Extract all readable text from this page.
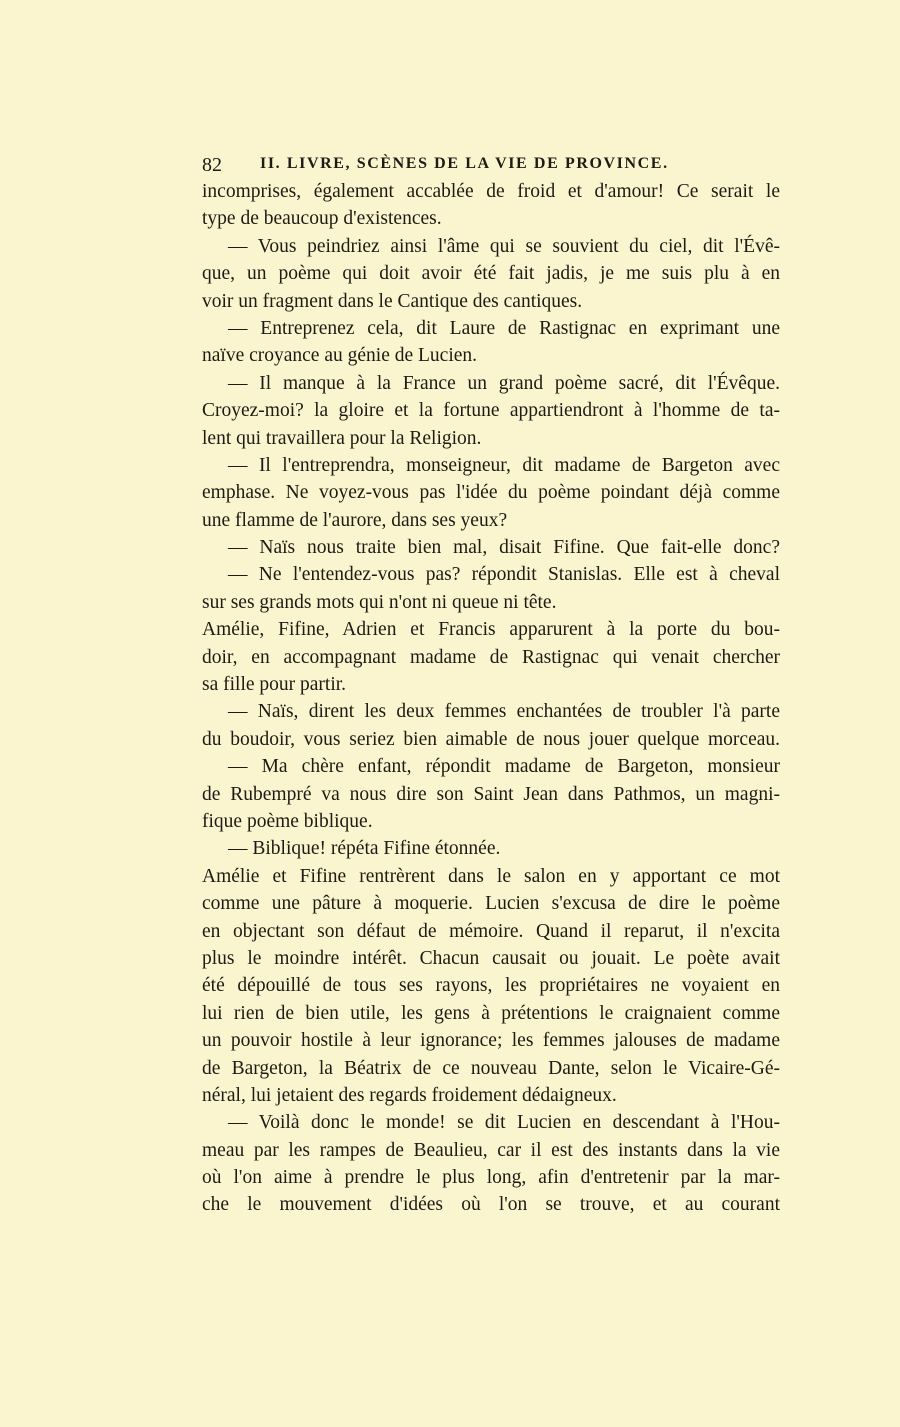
82 II. LIVRE, SCÈNES DE LA VIE DE PROVINCE.
incomprises, également accablée de froid et d'amour! Ce serait le
type de beaucoup d'existences.
— Vous peindriez ainsi l'âme qui se souvient du ciel, dit l'Évê-
que, un poème qui doit avoir été fait jadis, je me suis plu à en
voir un fragment dans le Cantique des cantiques.
— Entreprenez cela, dit Laure de Rastignac en exprimant une
naïve croyance au génie de Lucien.
— Il manque à la France un grand poème sacré, dit l'Évêque.
Croyez-moi? la gloire et la fortune appartiendront à l'homme de ta-
lent qui travaillera pour la Religion.
— Il l'entreprendra, monseigneur, dit madame de Bargeton avec
emphase. Ne voyez-vous pas l'idée du poème poindant déjà comme
une flamme de l'aurore, dans ses yeux?
— Naïs nous traite bien mal, disait Fifine. Que fait-elle donc?
— Ne l'entendez-vous pas? répondit Stanislas. Elle est à cheval
sur ses grands mots qui n'ont ni queue ni tête.
Amélie, Fifine, Adrien et Francis apparurent à la porte du bou-
doir, en accompagnant madame de Rastignac qui venait chercher
sa fille pour partir.
— Naïs, dirent les deux femmes enchantées de troubler l'à parte
du boudoir, vous seriez bien aimable de nous jouer quelque morceau.
— Ma chère enfant, répondit madame de Bargeton, monsieur
de Rubempré va nous dire son Saint Jean dans Pathmos, un magni-
fique poème biblique.
— Biblique! répéta Fifine étonnée.
Amélie et Fifine rentrèrent dans le salon en y apportant ce mot
comme une pâture à moquerie. Lucien s'excusa de dire le poème
en objectant son défaut de mémoire. Quand il reparut, il n'excita
plus le moindre intérêt. Chacun causait ou jouait. Le poète avait
été dépouillé de tous ses rayons, les propriétaires ne voyaient en
lui rien de bien utile, les gens à prétentions le craignaient comme
un pouvoir hostile à leur ignorance; les femmes jalouses de madame
de Bargeton, la Béatrix de ce nouveau Dante, selon le Vicaire-Gé-
néral, lui jetaient des regards froidement dédaigneux.
— Voilà donc le monde! se dit Lucien en descendant à l'Hou-
meau par les rampes de Beaulieu, car il est des instants dans la vie
où l'on aime à prendre le plus long, afin d'entretenir par la mar-
che le mouvement d'idées où l'on se trouve, et au courant
